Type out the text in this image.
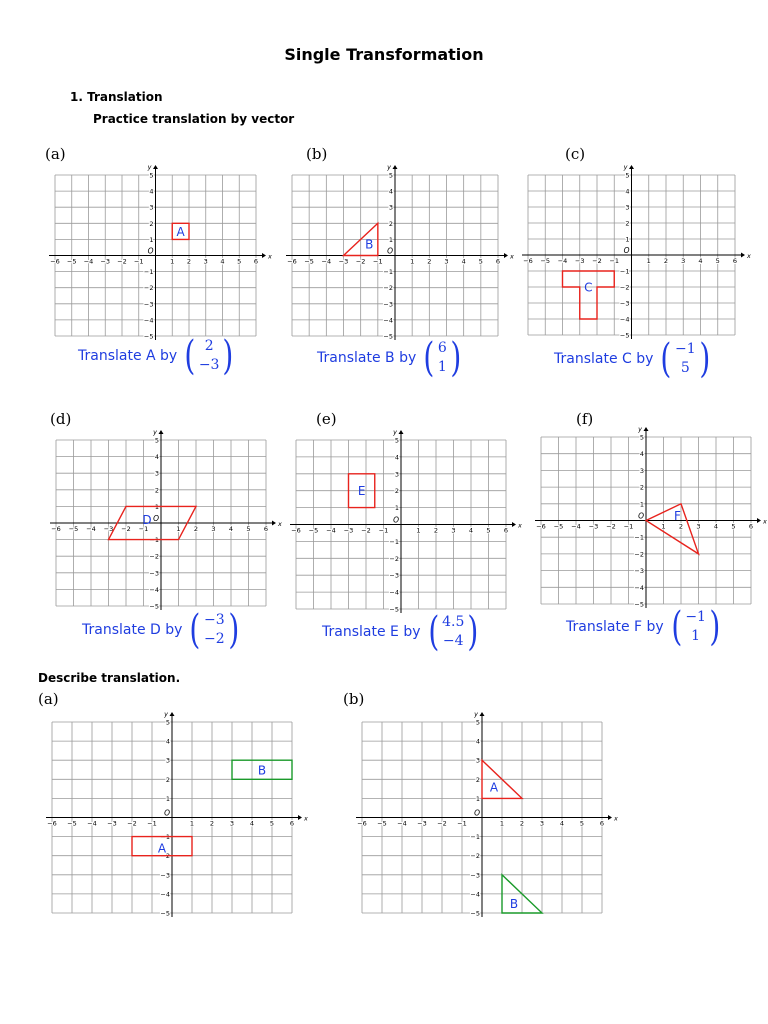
Single Transformation
1. Translation
Practice translation by vector
Describe translation.
(a)	(b)	(c)
(d)	(e)	(f)
(a)	(b)
−6 −5 −4 −3 −2 −1	1 2 3 4 5 6
5
4
3
2
1
−1
−2
−3
−4
−5
O
x
y
A
−6 −5 −4 −3 −2 −1	1 2 3 4 5 6
5
4
3
2
1
−1
−2
−3
−4
−5
O
x
y
B
−6 −5 −4 −3 −2 −1	1 2 3 4 5 6
5
4
3
2
1
−1
−2
−3
−4
−5
O
x
y
C
−6 −5 −4 −3 −2 −1	1 2 3 4 5 6
5
4
3
2
1
−1
−2
−3
−4
−5
O
x
y
D
−6 −5 −4 −3 −2 −1	1 2 3 4 5 6
5
4
3
2
1
−1
−2
−3
−4
−5
O
x
y
E
−6 −5 −4 −3 −2 −1	1 2 3 4 5 6
5
4
3
2
1
−1
−2
−3
−4
−5
O
x
y
F
−6 −5 −4 −3 −2 −1	1 2 3 4 5 6
5
4
3
2
1
−1
−2
−3
−4
−5
O
x
y
A
B
−6 −5 −4 −3 −2 −1	1 2 3 4 5 6
5
4
3
2
1
−1
−2
−3
−4
−5
O
x
y
A
B
Translate A by ( 2
−3 )	Translate B by ( 6
1 )	Translate C by ( −1
5 )
Translate D by ( −3
−2 )	Translate E by ( 4.5
−4 )	Translate F by ( −1
1 )
